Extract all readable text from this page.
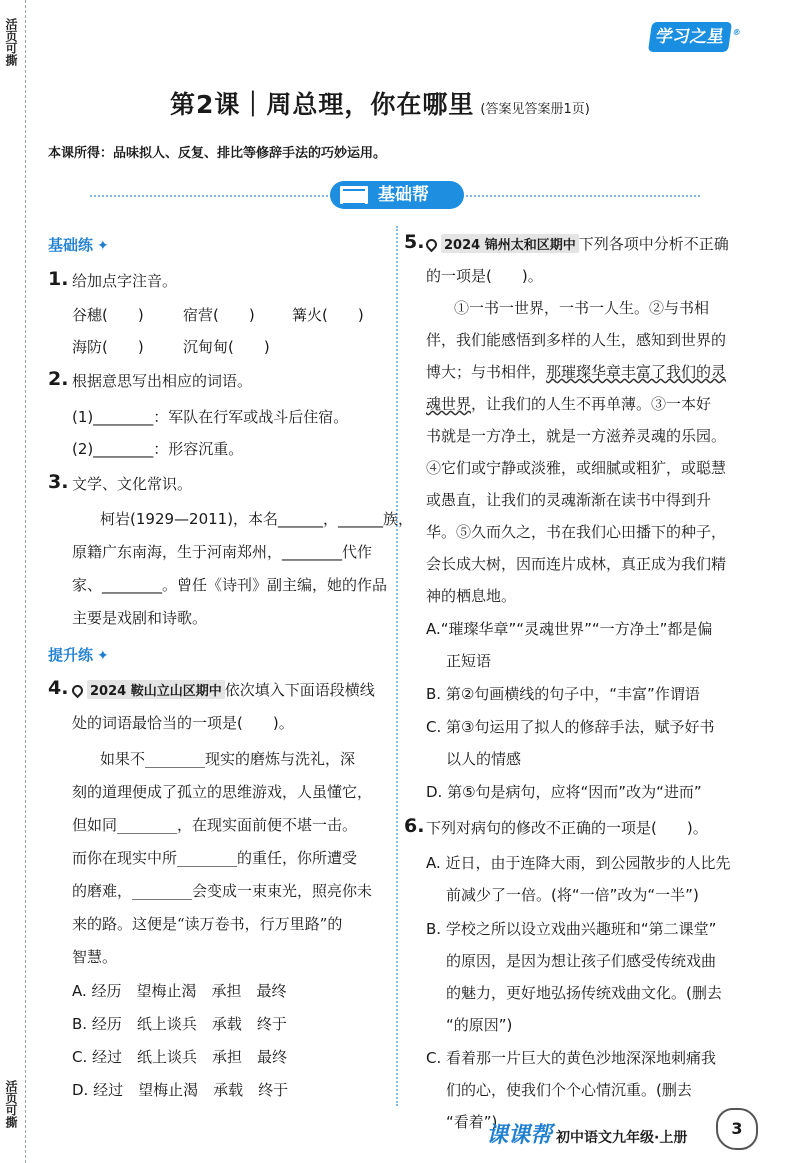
活页可撕
活页可撕
学习之星 ®
第2课｜周总理，你在哪里 (答案见答案册1页)
本课所得：品味拟人、反复、排比等修辞手法的巧妙运用。
基础帮
基础练 ✦
1. 给加点字注音。
谷穗(　　)	宿营(　　) 篝火(　　)
海防(　　)	沉甸甸(　　)
2. 根据意思写出相应的词语。
(1)________：军队在行军或战斗后住宿。
(2)________：形容沉重。
3. 文学、文化常识。
柯岩(1929—2011)，本名______，______族，
原籍广东南海，生于河南郑州，________代作
家、________。曾任《诗刊》副主编，她的作品
主要是戏剧和诗歌。
提升练 ✦
4.	2024 鞍山立山区期中 依次填入下面语段横线
处的词语最恰当的一项是(　　)。
如果不________现实的磨炼与洗礼，深
刻的道理便成了孤立的思维游戏，人虽懂它，
但如同________，在现实面前便不堪一击。
而你在现实中所________的重任，你所遭受
的磨难，________会变成一束束光，照亮你未
来的路。这便是“读万卷书，行万里路”的
智慧。
A. 经历　望梅止渴　承担　最终
B. 经历　纸上谈兵　承载　终于
C. 经过　纸上谈兵　承担　最终
D. 经过　望梅止渴　承载　终于
5.	2024 锦州太和区期中 下列各项中分析不正确
的一项是(　　)。
①一书一世界，一书一人生。②与书相
伴，我们能感悟到多样的人生，感知到世界的
博大；与书相伴，那璀璨华章丰富了我们的灵
魂世界，让我们的人生不再单薄。③一本好
书就是一方净土，就是一方滋养灵魂的乐园。
④它们或宁静或淡雅，或细腻或粗犷，或聪慧
或愚直，让我们的灵魂渐渐在读书中得到升
华。⑤久而久之，书在我们心田播下的种子，
会长成大树，因而连片成林，真正成为我们精
神的栖息地。
A.“璀璨华章”“灵魂世界”“一方净土”都是偏
正短语
B. 第②句画横线的句子中，“丰富”作谓语
C. 第③句运用了拟人的修辞手法，赋予好书
以人的情感
D. 第⑤句是病句，应将“因而”改为“进而”
6. 下列对病句的修改不正确的一项是(　　)。
A. 近日，由于连降大雨，到公园散步的人比先
前减少了一倍。(将“一倍”改为“一半”)
B. 学校之所以设立戏曲兴趣班和“第二课堂”
的原因，是因为想让孩子们感受传统戏曲
的魅力，更好地弘扬传统戏曲文化。(删去
“的原因”)
C. 看着那一片巨大的黄色沙地深深地刺痛我
们的心，使我们个个心情沉重。(删去
“看着”)
课课帮 初中语文九年级·上册	3
